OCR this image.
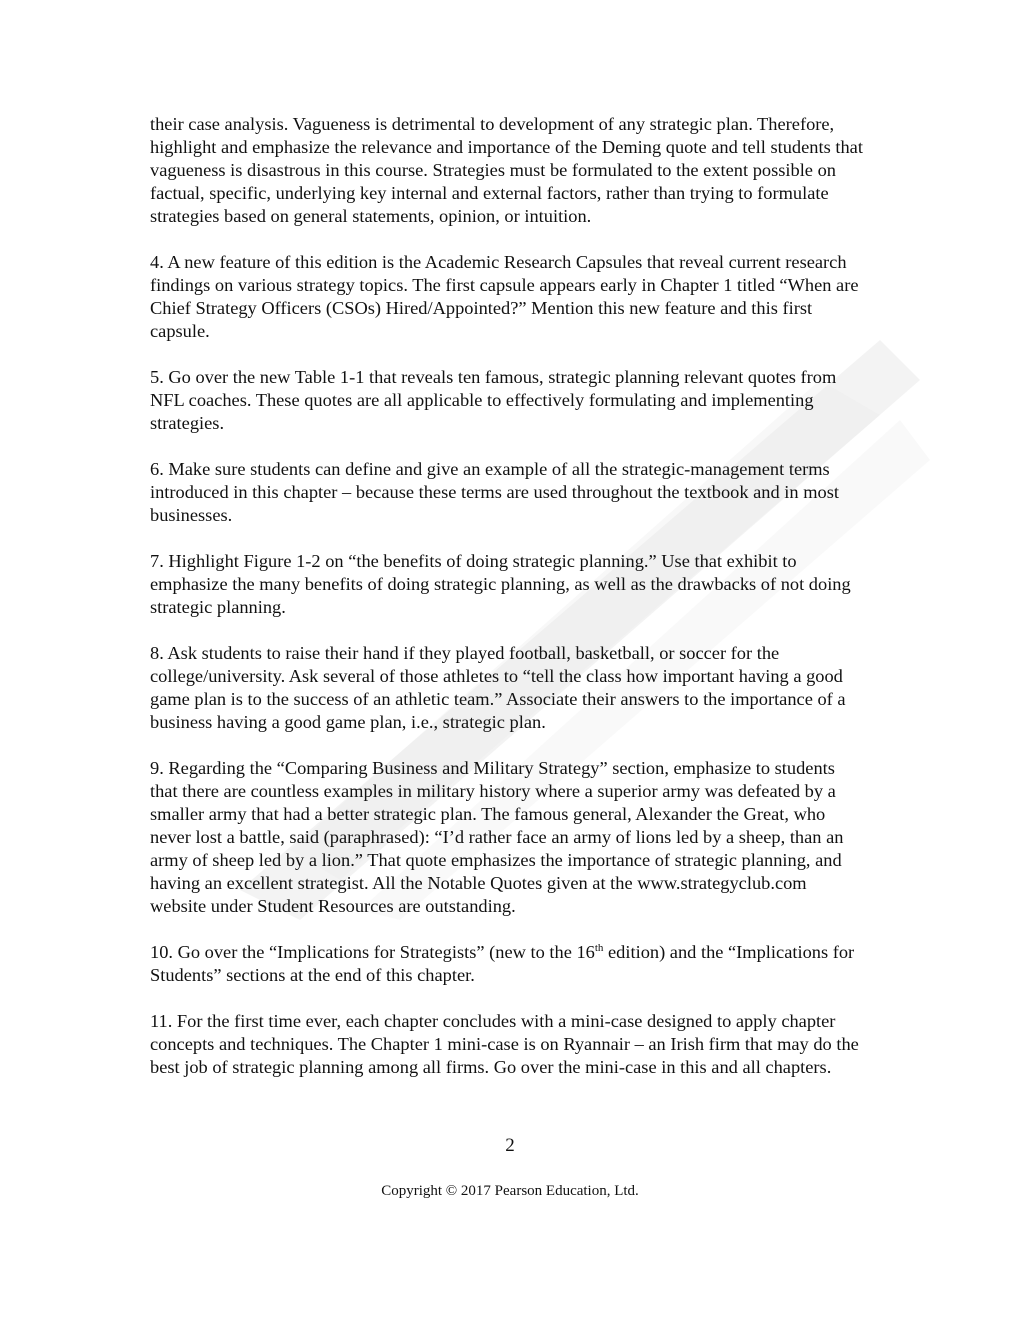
their case analysis. Vagueness is detrimental to development of any strategic plan. Therefore,
highlight and emphasize the relevance and importance of the Deming quote and tell students that
vagueness is disastrous in this course. Strategies must be formulated to the extent possible on
factual, specific, underlying key internal and external factors, rather than trying to formulate
strategies based on general statements, opinion, or intuition.

4. A new feature of this edition is the Academic Research Capsules that reveal current research
findings on various strategy topics. The first capsule appears early in Chapter 1 titled “When are
Chief Strategy Officers (CSOs) Hired/Appointed?” Mention this new feature and this first
capsule.

5. Go over the new Table 1-1 that reveals ten famous, strategic planning relevant quotes from
NFL coaches. These quotes are all applicable to effectively formulating and implementing
strategies.

6. Make sure students can define and give an example of all the strategic-management terms
introduced in this chapter – because these terms are used throughout the textbook and in most
businesses.

7. Highlight Figure 1-2 on “the benefits of doing strategic planning.” Use that exhibit to
emphasize the many benefits of doing strategic planning, as well as the drawbacks of not doing
strategic planning.

8. Ask students to raise their hand if they played football, basketball, or soccer for the
college/university. Ask several of those athletes to “tell the class how important having a good
game plan is to the success of an athletic team.” Associate their answers to the importance of a
business having a good game plan, i.e., strategic plan.

9. Regarding the “Comparing Business and Military Strategy” section, emphasize to students
that there are countless examples in military history where a superior army was defeated by a
smaller army that had a better strategic plan. The famous general, Alexander the Great, who
never lost a battle, said (paraphrased): “I’d rather face an army of lions led by a sheep, than an
army of sheep led by a lion.” That quote emphasizes the importance of strategic planning, and
having an excellent strategist. All the Notable Quotes given at the www.strategyclub.com
website under Student Resources are outstanding.

10. Go over the “Implications for Strategists” (new to the 16th edition) and the “Implications for
Students” sections at the end of this chapter.

11. For the first time ever, each chapter concludes with a mini-case designed to apply chapter
concepts and techniques. The Chapter 1 mini-case is on Ryannair – an Irish firm that may do the
best job of strategic planning among all firms. Go over the mini-case in this and all chapters.

2
Copyright © 2017 Pearson Education, Ltd.
